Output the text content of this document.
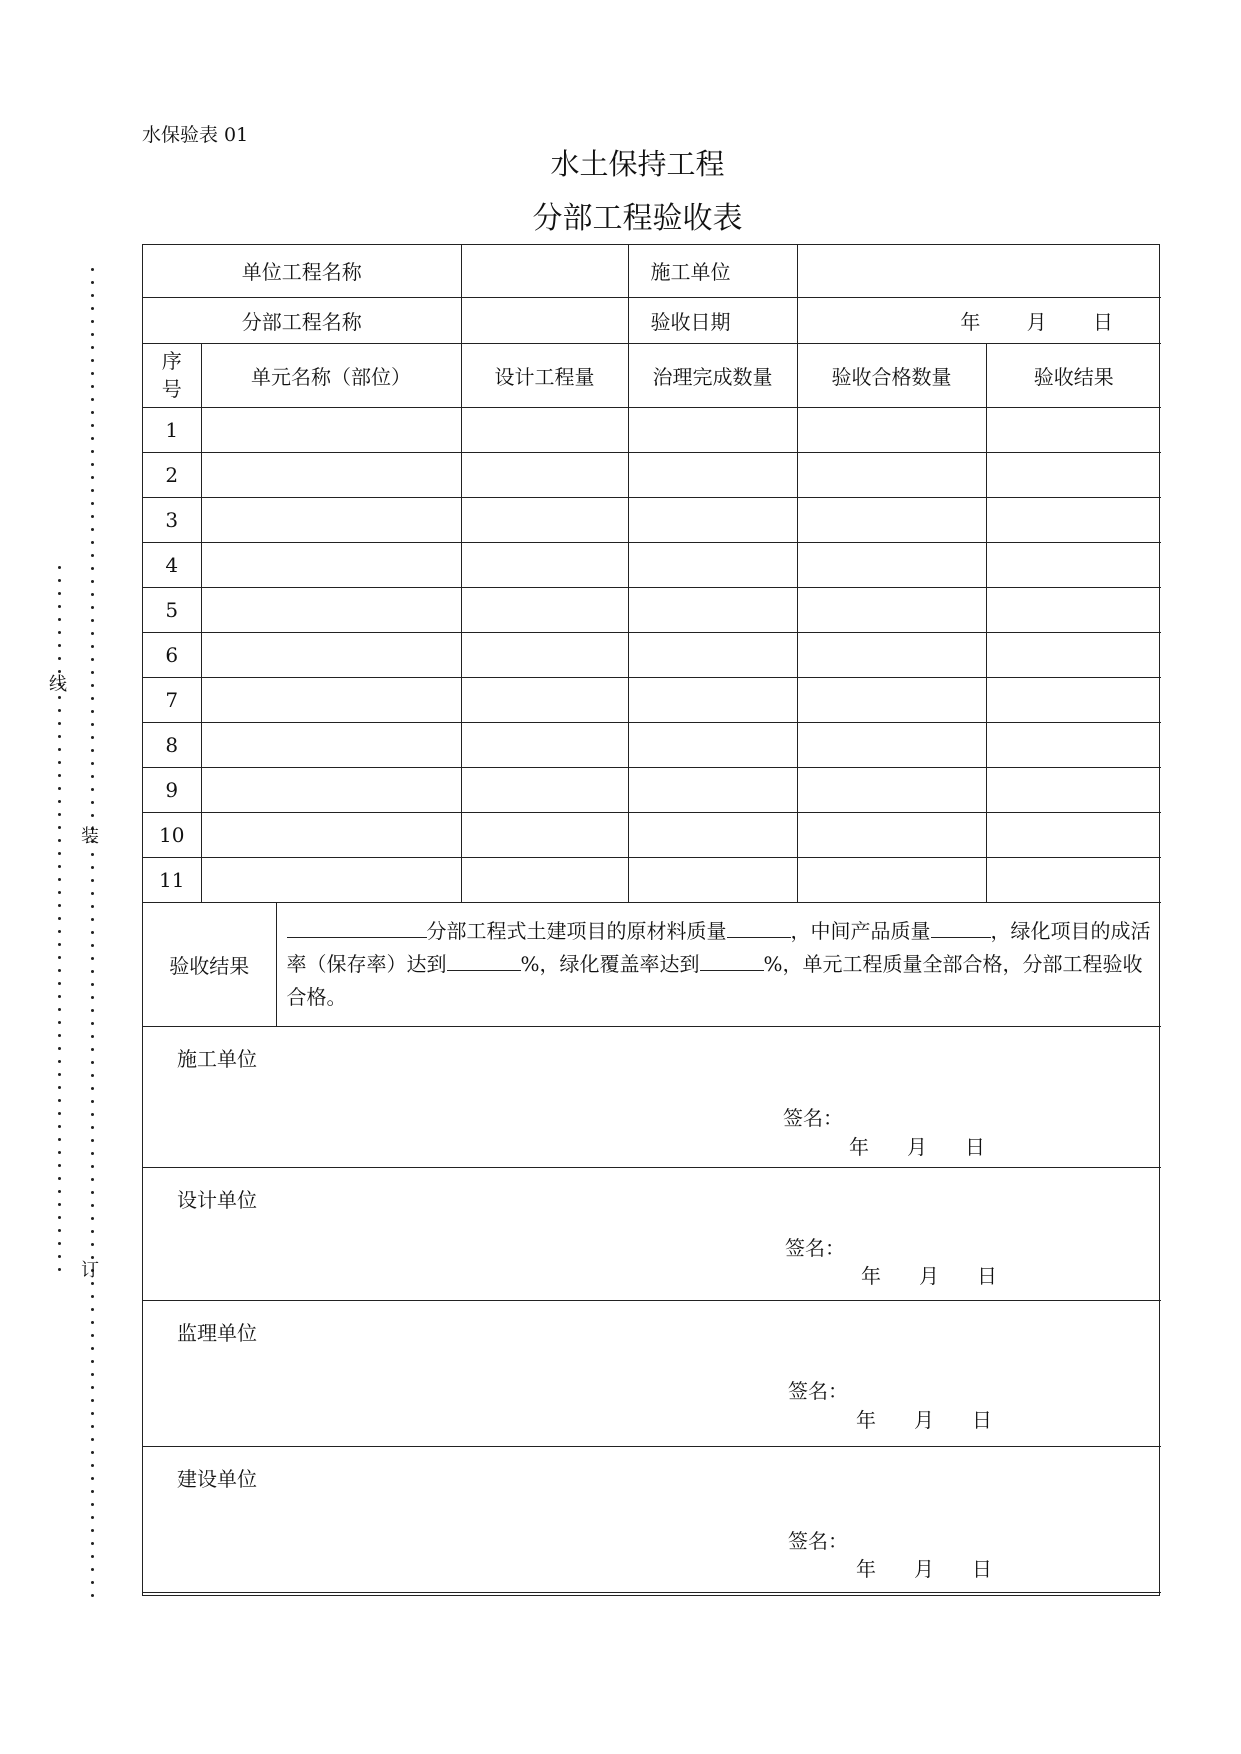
水保验表 01
水土保持工程
分部工程验收表
线
装
订
单位工程名称				施工单位		
分部工程名称				验收日期	年 月 日	

序
号	单元名称（部位）		设计工程量	治理完成数量	验收合格数量	验收结果
1						
2						
3						
4						
5						
6						
7						
8						
9						
10						
11						
验收结果		分部工程式土建项目的原材料质量 ，中间产品质量 ，绿化项目的成活率（保存率）达到 %，绿化覆盖率达到 %，单元工程质量全部合格，分部工程验收合格。				

施工单位
签名：
年 月 日						

设计单位
签名：
年 月 日						

监理单位
签名：
年 月 日						

建设单位
签名：
年 月 日						
